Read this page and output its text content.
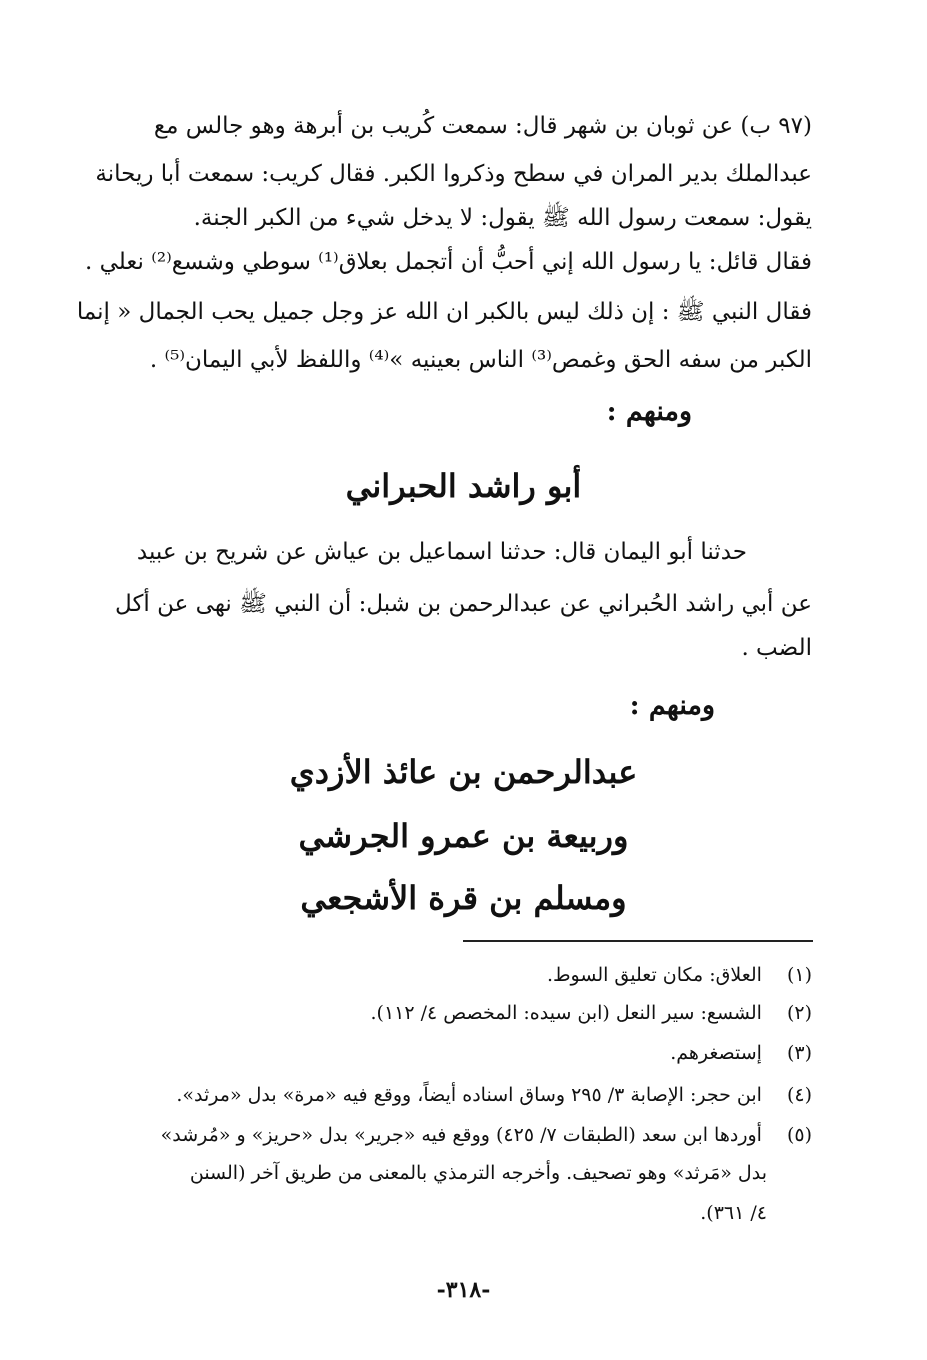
(٩٧ ب) عن ثوبان بن شهر قال: سمعت كُريب بن أبرهة وهو جالس مع
عبدالملك بدير المران في سطح وذكروا الكبر. فقال كريب: سمعت أبا ريحانة
يقول: سمعت رسول الله ﷺ يقول: لا يدخل شيء من الكبر الجنة.
فقال قائل: يا رسول الله إني أحبُّ أن أتجمل بعلاق⁽¹⁾ سوطي وشسع⁽²⁾ نعلي .
فقال النبي ﷺ : إن ذلك ليس بالكبر ان الله عز وجل جميل يحب الجمال « إنما
الكبر من سفه الحق وغمص⁽³⁾ الناس بعينيه »⁽⁴⁾ واللفظ لأبي اليمان⁽⁵⁾ .
ومنهم :
أبو راشد الحبراني
حدثنا أبو اليمان قال: حدثنا اسماعيل بن عياش عن شريح بن عبيد
عن أبي راشد الحُبراني عن عبدالرحمن بن شبل: أن النبي ﷺ نهى عن أكل
الضب .
ومنهم :
عبدالرحمن بن عائذ الأزدي
وربيعة بن عمرو الجرشي
ومسلم بن قرة الأشجعي
(١) العلاق: مكان تعليق السوط.
(٢) الشسع: سير النعل (ابن سيده: المخصص ٤/ ١١٢).
(٣) إستصغرهم.
(٤) ابن حجر: الإصابة ٣/ ٢٩٥ وساق اسناده أيضاً، ووقع فيه «مرة» بدل «مرثد».
(٥) أوردها ابن سعد (الطبقات ٧/ ٤٢٥) ووقع فيه «جرير» بدل «حريز» و «مُرشد»
بدل «مَرثد» وهو تصحيف. وأخرجه الترمذي بالمعنى من طريق آخر (السنن
٤/ ٣٦١).
-٣١٨-
